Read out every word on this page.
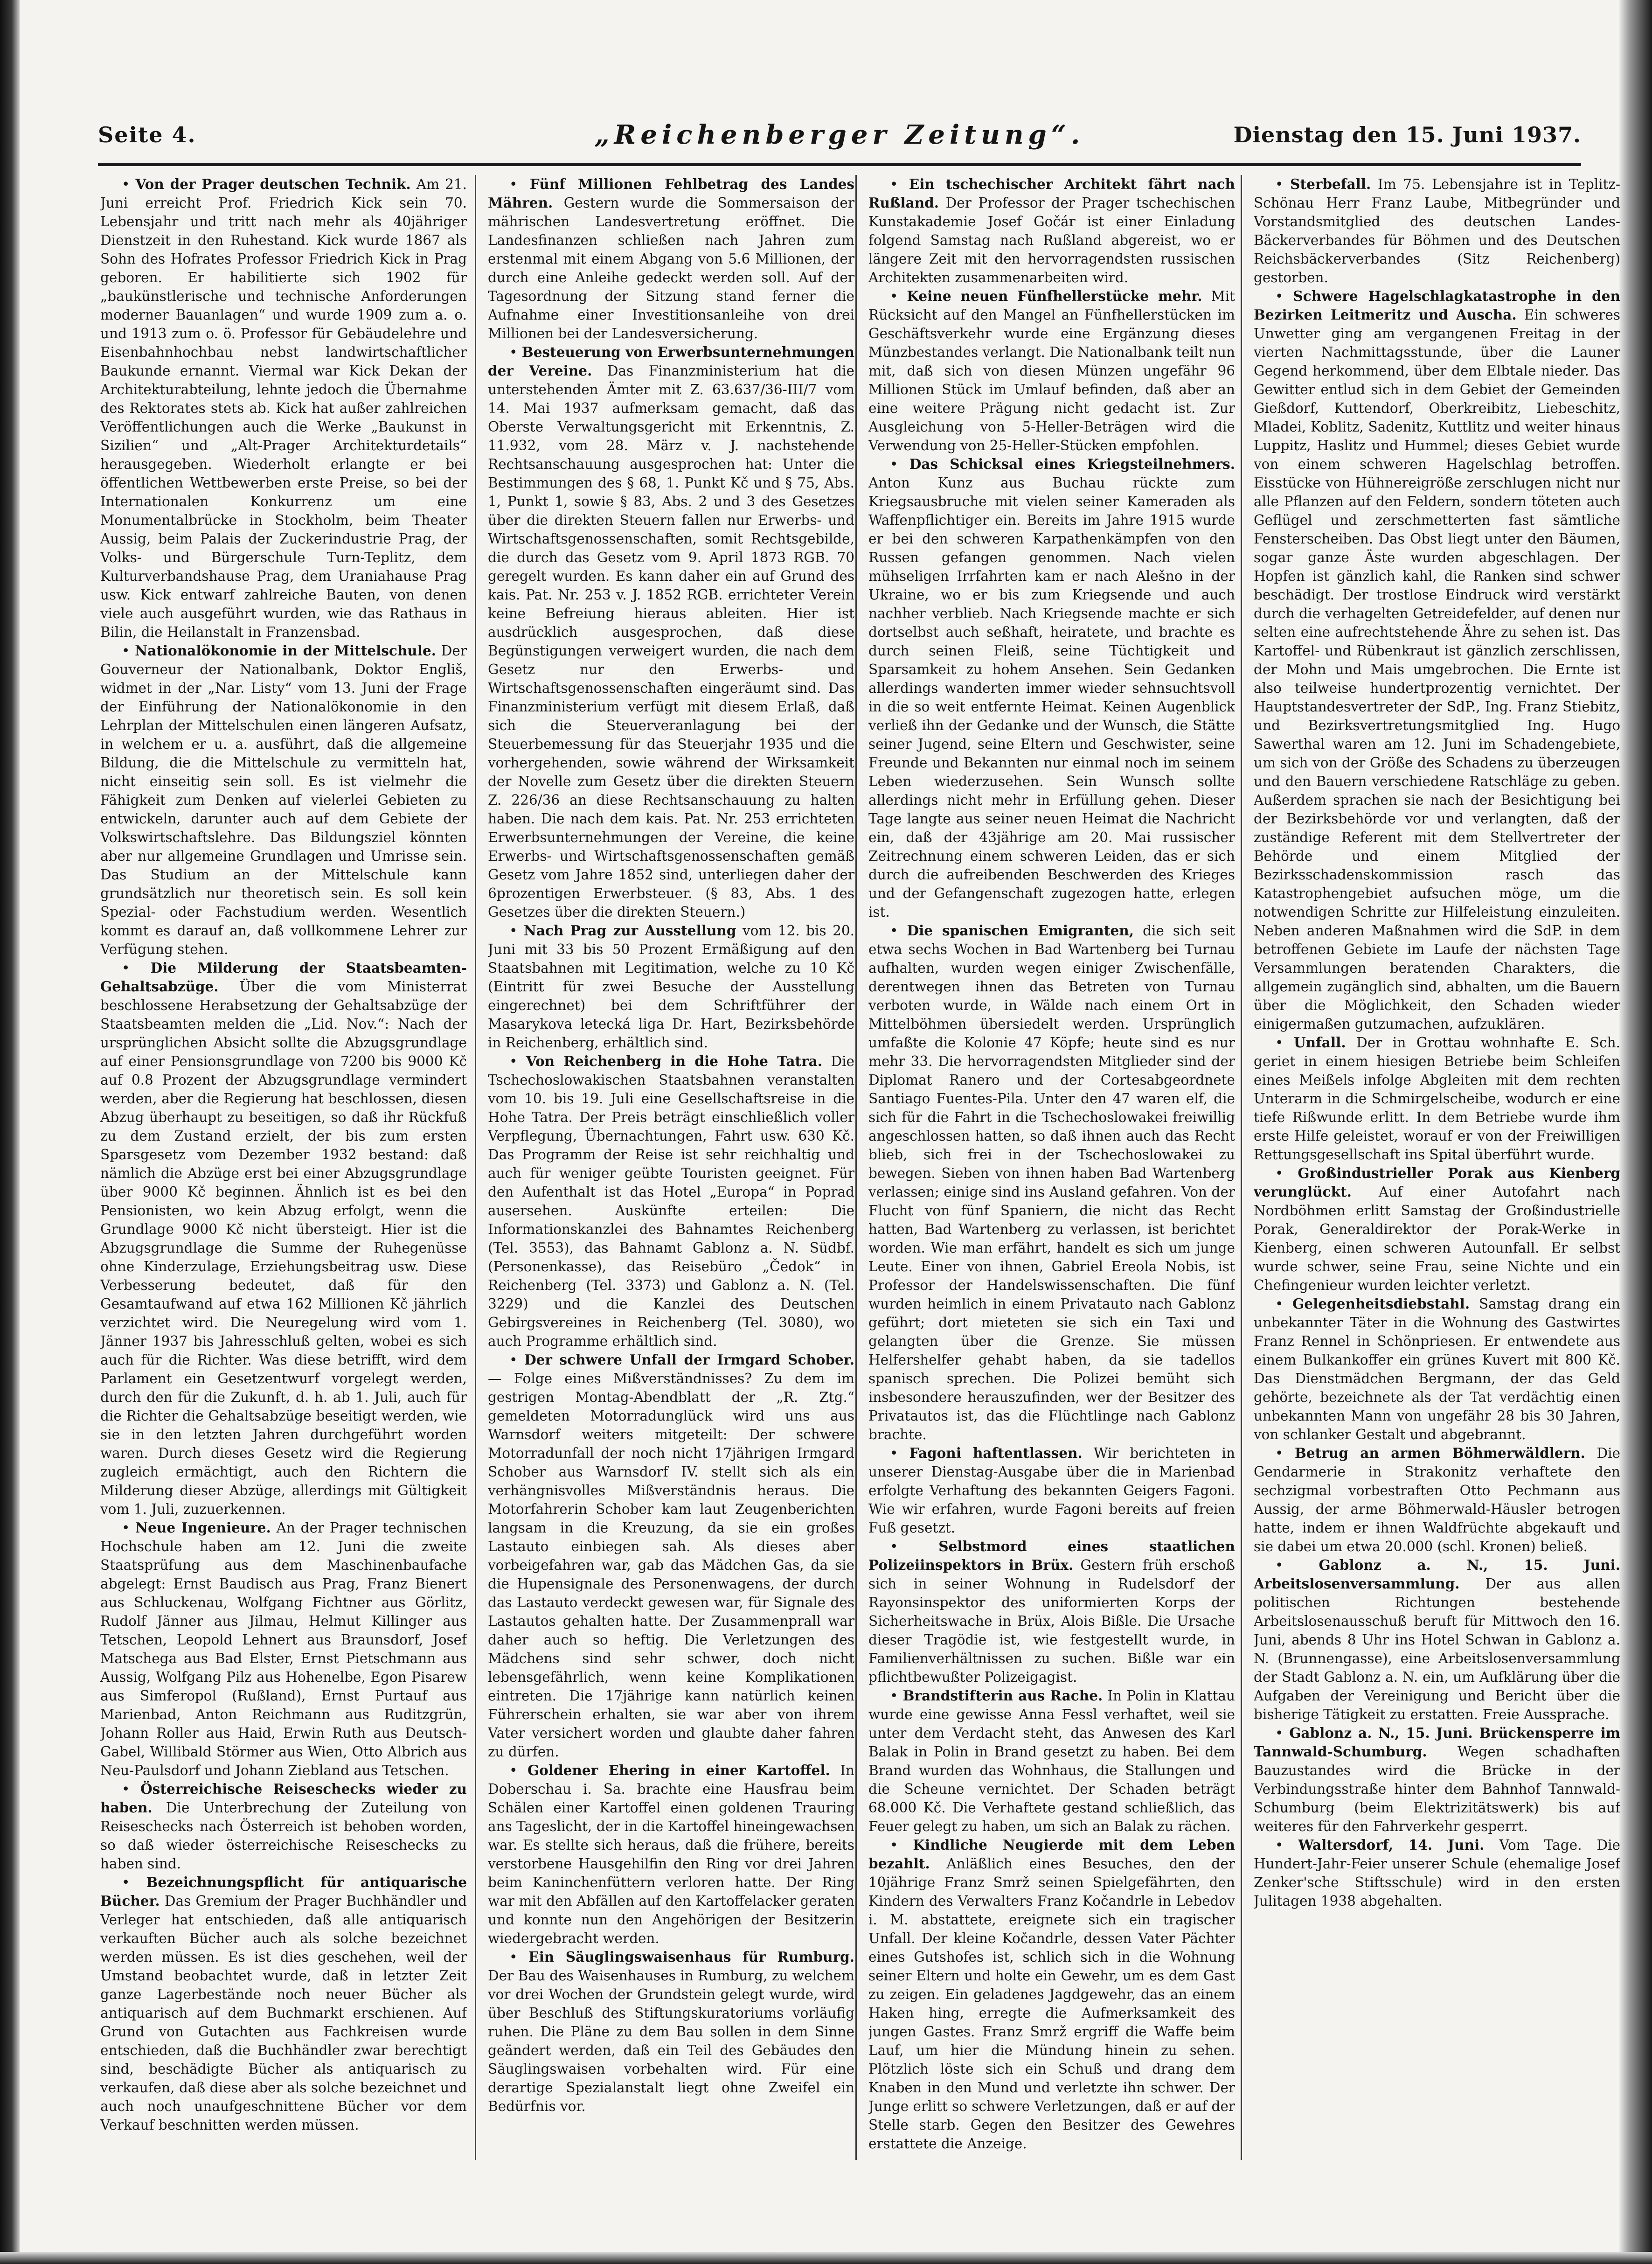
Seite 4.	„Reichenberger Zeitung“.	Dienstag den 15. Juni 1937.

• Von der Prager deutschen Technik. Am 21. Juni erreicht Prof. Friedrich Kick sein 70. Lebensjahr und tritt nach mehr als 40jähriger Dienstzeit in den Ruhestand. Kick wurde 1867 als Sohn des Hofrates Professor Friedrich Kick in Prag geboren. Er habilitierte sich 1902 für „baukünstlerische und technische Anforderungen moderner Bauanlagen“ und wurde 1909 zum a. o. und 1913 zum o. ö. Professor für Gebäudelehre und Eisenbahnhochbau nebst landwirtschaftlicher Baukunde ernannt. Viermal war Kick Dekan der Architekturabteilung, lehnte jedoch die Übernahme des Rektorates stets ab. Kick hat außer zahlreichen Veröffentlichungen auch die Werke „Baukunst in Sizilien“ und „Alt-Prager Architekturdetails“ herausgegeben. Wiederholt erlangte er bei öffentlichen Wettbewerben erste Preise, so bei der Internationalen Konkurrenz um eine Monumentalbrücke in Stockholm, beim Theater Aussig, beim Palais der Zuckerindustrie Prag, der Volks- und Bürgerschule Turn-Teplitz, dem Kulturverbandshause Prag, dem Uraniahause Prag usw. Kick entwarf zahlreiche Bauten, von denen viele auch ausgeführt wurden, wie das Rathaus in Bilin, die Heilanstalt in Franzensbad.

• Nationalökonomie in der Mittelschule. Der Gouverneur der Nationalbank, Doktor Engliš, widmet in der „Nar. Listy“ vom 13. Juni der Frage der Einführung der Nationalökonomie in den Lehrplan der Mittelschulen einen längeren Aufsatz, in welchem er u. a. ausführt, daß die allgemeine Bildung, die die Mittelschule zu vermitteln hat, nicht einseitig sein soll. Es ist vielmehr die Fähigkeit zum Denken auf vielerlei Gebieten zu entwickeln, darunter auch auf dem Gebiete der Volkswirtschaftslehre. Das Bildungsziel könnten aber nur allgemeine Grundlagen und Umrisse sein. Das Studium an der Mittelschule kann grundsätzlich nur theoretisch sein. Es soll kein Spezial- oder Fachstudium werden. Wesentlich kommt es darauf an, daß vollkommene Lehrer zur Verfügung stehen.

• Die Milderung der Staatsbeamten-Gehaltsabzüge. Über die vom Ministerrat beschlossene Herabsetzung der Gehaltsabzüge der Staatsbeamten melden die „Lid. Nov.“: Nach der ursprünglichen Absicht sollte die Abzugsgrundlage auf einer Pensionsgrundlage von 7200 bis 9000 Kč auf 0.8 Prozent der Abzugsgrundlage vermindert werden, aber die Regierung hat beschlossen, diesen Abzug überhaupt zu beseitigen, so daß ihr Rückfuß zu dem Zustand erzielt, der bis zum ersten Sparsgesetz vom Dezember 1932 bestand: daß nämlich die Abzüge erst bei einer Abzugsgrundlage über 9000 Kč beginnen. Ähnlich ist es bei den Pensionisten, wo kein Abzug erfolgt, wenn die Grundlage 9000 Kč nicht übersteigt. Hier ist die Abzugsgrundlage die Summe der Ruhegenüsse ohne Kinderzulage, Erziehungsbeitrag usw. Diese Verbesserung bedeutet, daß für den Gesamtaufwand auf etwa 162 Millionen Kč jährlich verzichtet wird. Die Neuregelung wird vom 1. Jänner 1937 bis Jahresschluß gelten, wobei es sich auch für die Richter. Was diese betrifft, wird dem Parlament ein Gesetzentwurf vorgelegt werden, durch den für die Zukunft, d. h. ab 1. Juli, auch für die Richter die Gehaltsabzüge beseitigt werden, wie sie in den letzten Jahren durchgeführt worden waren. Durch dieses Gesetz wird die Regierung zugleich ermächtigt, auch den Richtern die Milderung dieser Abzüge, allerdings mit Gültigkeit vom 1. Juli, zuzuerkennen.

• Neue Ingenieure. An der Prager technischen Hochschule haben am 12. Juni die zweite Staatsprüfung aus dem Maschinenbaufache abgelegt: Ernst Baudisch aus Prag, Franz Bienert aus Schluckenau, Wolfgang Fichtner aus Görlitz, Rudolf Jänner aus Jilmau, Helmut Killinger aus Tetschen, Leopold Lehnert aus Braunsdorf, Josef Matschega aus Bad Elster, Ernst Pietschmann aus Aussig, Wolfgang Pilz aus Hohenelbe, Egon Pisarew aus Simferopol (Rußland), Ernst Purtauf aus Marienbad, Anton Reichmann aus Ruditzgrün, Johann Roller aus Haid, Erwin Ruth aus Deutsch-Gabel, Willibald Störmer aus Wien, Otto Albrich aus Neu-Paulsdorf und Johann Ziebland aus Tetschen.

• Österreichische Reiseschecks wieder zu haben. Die Unterbrechung der Zuteilung von Reiseschecks nach Österreich ist behoben worden, so daß wieder österreichische Reiseschecks zu haben sind.

• Bezeichnungspflicht für antiquarische Bücher. Das Gremium der Prager Buchhändler und Verleger hat entschieden, daß alle antiquarisch verkauften Bücher auch als solche bezeichnet werden müssen. Es ist dies geschehen, weil der Umstand beobachtet wurde, daß in letzter Zeit ganze Lagerbestände noch neuer Bücher als antiquarisch auf dem Buchmarkt erschienen. Auf Grund von Gutachten aus Fachkreisen wurde entschieden, daß die Buchhändler zwar berechtigt sind, beschädigte Bücher als antiquarisch zu verkaufen, daß diese aber als solche bezeichnet und auch noch unaufgeschnittene Bücher vor dem Verkauf beschnitten werden müssen.

• Fünf Millionen Fehlbetrag des Landes Mähren. Gestern wurde die Sommersaison der mährischen Landesvertretung eröffnet. Die Landesfinanzen schließen nach Jahren zum erstenmal mit einem Abgang von 5.6 Millionen, der durch eine Anleihe gedeckt werden soll. Auf der Tagesordnung der Sitzung stand ferner die Aufnahme einer Investitionsanleihe von drei Millionen bei der Landesversicherung.

• Besteuerung von Erwerbsunternehmungen der Vereine. Das Finanzministerium hat die unterstehenden Ämter mit Z. 63.637/36-III/7 vom 14. Mai 1937 aufmerksam gemacht, daß das Oberste Verwaltungsgericht mit Erkenntnis, Z. 11.932, vom 28. März v. J. nachstehende Rechtsanschauung ausgesprochen hat: Unter die Bestimmungen des § 68, 1. Punkt Kč und § 75, Abs. 1, Punkt 1, sowie § 83, Abs. 2 und 3 des Gesetzes über die direkten Steuern fallen nur Erwerbs- und Wirtschaftsgenossenschaften, somit Rechtsgebilde, die durch das Gesetz vom 9. April 1873 RGB. 70 geregelt wurden. Es kann daher ein auf Grund des kais. Pat. Nr. 253 v. J. 1852 RGB. errichteter Verein keine Befreiung hieraus ableiten. Hier ist ausdrücklich ausgesprochen, daß diese Begünstigungen verweigert wurden, die nach dem Gesetz nur den Erwerbs- und Wirtschaftsgenossenschaften eingeräumt sind. Das Finanzministerium verfügt mit diesem Erlaß, daß sich die Steuerveranlagung bei der Steuerbemessung für das Steuerjahr 1935 und die vorhergehenden, sowie während der Wirksamkeit der Novelle zum Gesetz über die direkten Steuern Z. 226/36 an diese Rechtsanschauung zu halten haben. Die nach dem kais. Pat. Nr. 253 errichteten Erwerbsunternehmungen der Vereine, die keine Erwerbs- und Wirtschaftsgenossenschaften gemäß Gesetz vom Jahre 1852 sind, unterliegen daher der 6prozentigen Erwerbsteuer. (§ 83, Abs. 1 des Gesetzes über die direkten Steuern.)

• Nach Prag zur Ausstellung vom 12. bis 20. Juni mit 33 bis 50 Prozent Ermäßigung auf den Staatsbahnen mit Legitimation, welche zu 10 Kč (Eintritt für zwei Besuche der Ausstellung eingerechnet) bei dem Schriftführer der Masarykova letecká liga Dr. Hart, Bezirksbehörde in Reichenberg, erhältlich sind.

• Von Reichenberg in die Hohe Tatra. Die Tschechoslowakischen Staatsbahnen veranstalten vom 10. bis 19. Juli eine Gesellschaftsreise in die Hohe Tatra. Der Preis beträgt einschließlich voller Verpflegung, Übernachtungen, Fahrt usw. 630 Kč. Das Programm der Reise ist sehr reichhaltig und auch für weniger geübte Touristen geeignet. Für den Aufenthalt ist das Hotel „Europa“ in Poprad ausersehen. Auskünfte erteilen: Die Informationskanzlei des Bahnamtes Reichenberg (Tel. 3553), das Bahnamt Gablonz a. N. Südbf. (Personenkasse), das Reisebüro „Čedok“ in Reichenberg (Tel. 3373) und Gablonz a. N. (Tel. 3229) und die Kanzlei des Deutschen Gebirgsvereines in Reichenberg (Tel. 3080), wo auch Programme erhältlich sind.

• Der schwere Unfall der Irmgard Schober. — Folge eines Mißverständnisses? Zu dem im gestrigen Montag-Abendblatt der „R. Ztg.“ gemeldeten Motorradunglück wird uns aus Warnsdorf weiters mitgeteilt: Der schwere Motorradunfall der noch nicht 17jährigen Irmgard Schober aus Warnsdorf IV. stellt sich als ein verhängnisvolles Mißverständnis heraus. Die Motorfahrerin Schober kam laut Zeugenberichten langsam in die Kreuzung, da sie ein großes Lastauto einbiegen sah. Als dieses aber vorbeigefahren war, gab das Mädchen Gas, da sie die Hupensignale des Personenwagens, der durch das Lastauto verdeckt gewesen war, für Signale des Lastautos gehalten hatte. Der Zusammenprall war daher auch so heftig. Die Verletzungen des Mädchens sind sehr schwer, doch nicht lebensgefährlich, wenn keine Komplikationen eintreten. Die 17jährige kann natürlich keinen Führerschein erhalten, sie war aber von ihrem Vater versichert worden und glaubte daher fahren zu dürfen.

• Goldener Ehering in einer Kartoffel. In Doberschau i. Sa. brachte eine Hausfrau beim Schälen einer Kartoffel einen goldenen Trauring ans Tageslicht, der in die Kartoffel hineingewachsen war. Es stellte sich heraus, daß die frühere, bereits verstorbene Hausgehilfin den Ring vor drei Jahren beim Kaninchenfüttern verloren hatte. Der Ring war mit den Abfällen auf den Kartoffelacker geraten und konnte nun den Angehörigen der Besitzerin wiedergebracht werden.

• Ein Säuglingswaisenhaus für Rumburg. Der Bau des Waisenhauses in Rumburg, zu welchem vor drei Wochen der Grundstein gelegt wurde, wird über Beschluß des Stiftungskuratoriums vorläufig ruhen. Die Pläne zu dem Bau sollen in dem Sinne geändert werden, daß ein Teil des Gebäudes den Säuglingswaisen vorbehalten wird. Für eine derartige Spezialanstalt liegt ohne Zweifel ein Bedürfnis vor.

• Ein tschechischer Architekt fährt nach Rußland. Der Professor der Prager tschechischen Kunstakademie Josef Gočár ist einer Einladung folgend Samstag nach Rußland abgereist, wo er längere Zeit mit den hervorragendsten russischen Architekten zusammenarbeiten wird.

• Keine neuen Fünfhellerstücke mehr. Mit Rücksicht auf den Mangel an Fünfhellerstücken im Geschäftsverkehr wurde eine Ergänzung dieses Münzbestandes verlangt. Die Nationalbank teilt nun mit, daß sich von diesen Münzen ungefähr 96 Millionen Stück im Umlauf befinden, daß aber an eine weitere Prägung nicht gedacht ist. Zur Ausgleichung von 5-Heller-Beträgen wird die Verwendung von 25-Heller-Stücken empfohlen.

• Das Schicksal eines Kriegsteilnehmers. Anton Kunz aus Buchau rückte zum Kriegsausbruche mit vielen seiner Kameraden als Waffenpflichtiger ein. Bereits im Jahre 1915 wurde er bei den schweren Karpathenkämpfen von den Russen gefangen genommen. Nach vielen mühseligen Irrfahrten kam er nach Alešno in der Ukraine, wo er bis zum Kriegsende und auch nachher verblieb. Nach Kriegsende machte er sich dortselbst auch seßhaft, heiratete, und brachte es durch seinen Fleiß, seine Tüchtigkeit und Sparsamkeit zu hohem Ansehen. Sein Gedanken allerdings wanderten immer wieder sehnsuchtsvoll in die so weit entfernte Heimat. Keinen Augenblick verließ ihn der Gedanke und der Wunsch, die Stätte seiner Jugend, seine Eltern und Geschwister, seine Freunde und Bekannten nur einmal noch im seinem Leben wiederzusehen. Sein Wunsch sollte allerdings nicht mehr in Erfüllung gehen. Dieser Tage langte aus seiner neuen Heimat die Nachricht ein, daß der 43jährige am 20. Mai russischer Zeitrechnung einem schweren Leiden, das er sich durch die aufreibenden Beschwerden des Krieges und der Gefangenschaft zugezogen hatte, erlegen ist.

• Die spanischen Emigranten, die sich seit etwa sechs Wochen in Bad Wartenberg bei Turnau aufhalten, wurden wegen einiger Zwischenfälle, derentwegen ihnen das Betreten von Turnau verboten wurde, in Wälde nach einem Ort in Mittelböhmen übersiedelt werden. Ursprünglich umfaßte die Kolonie 47 Köpfe; heute sind es nur mehr 33. Die hervorragendsten Mitglieder sind der Diplomat Ranero und der Cortesabgeordnete Santiago Fuentes-Pila. Unter den 47 waren elf, die sich für die Fahrt in die Tschechoslowakei freiwillig angeschlossen hatten, so daß ihnen auch das Recht blieb, sich frei in der Tschechoslowakei zu bewegen. Sieben von ihnen haben Bad Wartenberg verlassen; einige sind ins Ausland gefahren. Von der Flucht von fünf Spaniern, die nicht das Recht hatten, Bad Wartenberg zu verlassen, ist berichtet worden. Wie man erfährt, handelt es sich um junge Leute. Einer von ihnen, Gabriel Ereola Nobis, ist Professor der Handelswissenschaften. Die fünf wurden heimlich in einem Privatauto nach Gablonz geführt; dort mieteten sie sich ein Taxi und gelangten über die Grenze. Sie müssen Helfershelfer gehabt haben, da sie tadellos spanisch sprechen. Die Polizei bemüht sich insbesondere herauszufinden, wer der Besitzer des Privatautos ist, das die Flüchtlinge nach Gablonz brachte.

• Fagoni haftentlassen. Wir berichteten in unserer Dienstag-Ausgabe über die in Marienbad erfolgte Verhaftung des bekannten Geigers Fagoni. Wie wir erfahren, wurde Fagoni bereits auf freien Fuß gesetzt.

• Selbstmord eines staatlichen Polizeiinspektors in Brüx. Gestern früh erschoß sich in seiner Wohnung in Rudelsdorf der Rayonsinspektor des uniformierten Korps der Sicherheitswache in Brüx, Alois Bißle. Die Ursache dieser Tragödie ist, wie festgestellt wurde, in Familienverhältnissen zu suchen. Bißle war ein pflichtbewußter Polizeigagist.

• Brandstifterin aus Rache. In Polin in Klattau wurde eine gewisse Anna Fessl verhaftet, weil sie unter dem Verdacht steht, das Anwesen des Karl Balak in Polin in Brand gesetzt zu haben. Bei dem Brand wurden das Wohnhaus, die Stallungen und die Scheune vernichtet. Der Schaden beträgt 68.000 Kč. Die Verhaftete gestand schließlich, das Feuer gelegt zu haben, um sich an Balak zu rächen.

• Kindliche Neugierde mit dem Leben bezahlt. Anläßlich eines Besuches, den der 10jährige Franz Smrž seinen Spielgefährten, den Kindern des Verwalters Franz Kočandrle in Lebedov i. M. abstattete, ereignete sich ein tragischer Unfall. Der kleine Kočandrle, dessen Vater Pächter eines Gutshofes ist, schlich sich in die Wohnung seiner Eltern und holte ein Gewehr, um es dem Gast zu zeigen. Ein geladenes Jagdgewehr, das an einem Haken hing, erregte die Aufmerksamkeit des jungen Gastes. Franz Smrž ergriff die Waffe beim Lauf, um hier die Mündung hinein zu sehen. Plötzlich löste sich ein Schuß und drang dem Knaben in den Mund und verletzte ihn schwer. Der Junge erlitt so schwere Verletzungen, daß er auf der Stelle starb. Gegen den Besitzer des Gewehres erstattete die Anzeige.

• Sterbefall. Im 75. Lebensjahre ist in Teplitz-Schönau Herr Franz Laube, Mitbegründer und Vorstandsmitglied des deutschen Landes-Bäckerverbandes für Böhmen und des Deutschen Reichsbäckerverbandes (Sitz Reichenberg) gestorben.

• Schwere Hagelschlagkatastrophe in den Bezirken Leitmeritz und Auscha. Ein schweres Unwetter ging am vergangenen Freitag in der vierten Nachmittagsstunde, über die Launer Gegend herkommend, über dem Elbtale nieder. Das Gewitter entlud sich in dem Gebiet der Gemeinden Gießdorf, Kuttendorf, Oberkreibitz, Liebeschitz, Mladei, Koblitz, Sadenitz, Kuttlitz und weiter hinaus Luppitz, Haslitz und Hummel; dieses Gebiet wurde von einem schweren Hagelschlag betroffen. Eisstücke von Hühnereigröße zerschlugen nicht nur alle Pflanzen auf den Feldern, sondern töteten auch Geflügel und zerschmetterten fast sämtliche Fensterscheiben. Das Obst liegt unter den Bäumen, sogar ganze Äste wurden abgeschlagen. Der Hopfen ist gänzlich kahl, die Ranken sind schwer beschädigt. Der trostlose Eindruck wird verstärkt durch die verhagelten Getreidefelder, auf denen nur selten eine aufrechtstehende Ähre zu sehen ist. Das Kartoffel- und Rübenkraut ist gänzlich zerschlissen, der Mohn und Mais umgebrochen. Die Ernte ist also teilweise hundertprozentig vernichtet. Der Hauptstandesvertreter der SdP., Ing. Franz Stiebitz, und Bezirksvertretungsmitglied Ing. Hugo Sawerthal waren am 12. Juni im Schadengebiete, um sich von der Größe des Schadens zu überzeugen und den Bauern verschiedene Ratschläge zu geben. Außerdem sprachen sie nach der Besichtigung bei der Bezirksbehörde vor und verlangten, daß der zuständige Referent mit dem Stellvertreter der Behörde und einem Mitglied der Bezirksschadenskommission rasch das Katastrophengebiet aufsuchen möge, um die notwendigen Schritte zur Hilfeleistung einzuleiten. Neben anderen Maßnahmen wird die SdP. in dem betroffenen Gebiete im Laufe der nächsten Tage Versammlungen beratenden Charakters, die allgemein zugänglich sind, abhalten, um die Bauern über die Möglichkeit, den Schaden wieder einigermaßen gutzumachen, aufzuklären.

• Unfall. Der in Grottau wohnhafte E. Sch. geriet in einem hiesigen Betriebe beim Schleifen eines Meißels infolge Abgleiten mit dem rechten Unterarm in die Schmirgelscheibe, wodurch er eine tiefe Rißwunde erlitt. In dem Betriebe wurde ihm erste Hilfe geleistet, worauf er von der Freiwilligen Rettungsgesellschaft ins Spital überführt wurde.

• Großindustrieller Porak aus Kienberg verunglückt. Auf einer Autofahrt nach Nordböhmen erlitt Samstag der Großindustrielle Porak, Generaldirektor der Porak-Werke in Kienberg, einen schweren Autounfall. Er selbst wurde schwer, seine Frau, seine Nichte und ein Chefingenieur wurden leichter verletzt.

• Gelegenheitsdiebstahl. Samstag drang ein unbekannter Täter in die Wohnung des Gastwirtes Franz Rennel in Schönpriesen. Er entwendete aus einem Bulkankoffer ein grünes Kuvert mit 800 Kč. Das Dienstmädchen Bergmann, der das Geld gehörte, bezeichnete als der Tat verdächtig einen unbekannten Mann von ungefähr 28 bis 30 Jahren, von schlanker Gestalt und abgebrannt.

• Betrug an armen Böhmerwäldlern. Die Gendarmerie in Strakonitz verhaftete den sechzigmal vorbestraften Otto Pechmann aus Aussig, der arme Böhmerwald-Häusler betrogen hatte, indem er ihnen Waldfrüchte abgekauft und sie dabei um etwa 20.000 (schl. Kronen) beließ.

• Gablonz a. N., 15. Juni. Arbeitslosenversammlung. Der aus allen politischen Richtungen bestehende Arbeitslosenausschuß beruft für Mittwoch den 16. Juni, abends 8 Uhr ins Hotel Schwan in Gablonz a. N. (Brunnengasse), eine Arbeitslosenversammlung der Stadt Gablonz a. N. ein, um Aufklärung über die Aufgaben der Vereinigung und Bericht über die bisherige Tätigkeit zu erstatten. Freie Aussprache.

• Gablonz a. N., 15. Juni. Brückensperre im Tannwald-Schumburg. Wegen schadhaften Bauzustandes wird die Brücke in der Verbindungsstraße hinter dem Bahnhof Tannwald-Schumburg (beim Elektrizitätswerk) bis auf weiteres für den Fahrverkehr gesperrt.

• Waltersdorf, 14. Juni. Vom Tage. Die Hundert-Jahr-Feier unserer Schule (ehemalige Josef Zenker'sche Stiftsschule) wird in den ersten Julitagen 1938 abgehalten.
